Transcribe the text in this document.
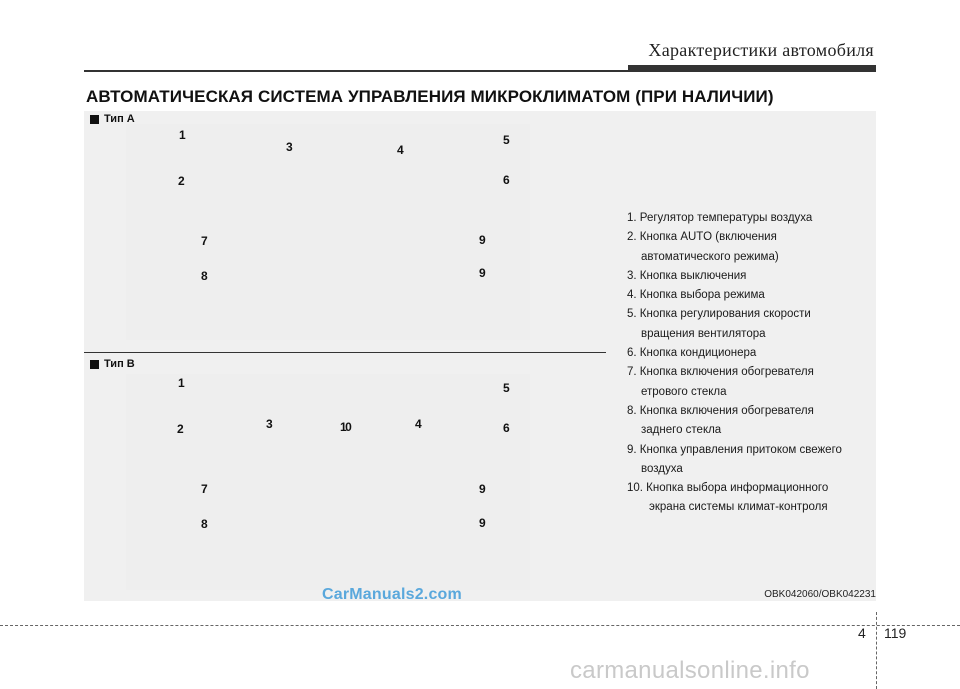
Характеристики автомобиля
АВТОМАТИЧЕСКАЯ СИСТЕМА УПРАВЛЕНИЯ МИКРОКЛИМАТОМ (ПРИ НАЛИЧИИ)
Тип A
Тип B
1
3	4
5
2	6
7	9
8	9
1	5
2	3	10	4	6
7	9
8	9
1. Регулятор температуры воздуха
2. Кнопка AUTO (включения
автоматического режима)
3. Кнопка выключения
4. Кнопка выбора режима
5. Кнопка регулирования скорости
вращения вентилятора
6. Кнопка кондиционера
7. Кнопка включения обогревателя
етрового стекла
8. Кнопка включения обогревателя
заднего стекла
9. Кнопка управления притоком свежего
воздуха
10. Кнопка выбора информационного
экрана системы климат-контроля
OBK042060/OBK042231
CarManuals2.com
4 119
carmanualsonline.info
